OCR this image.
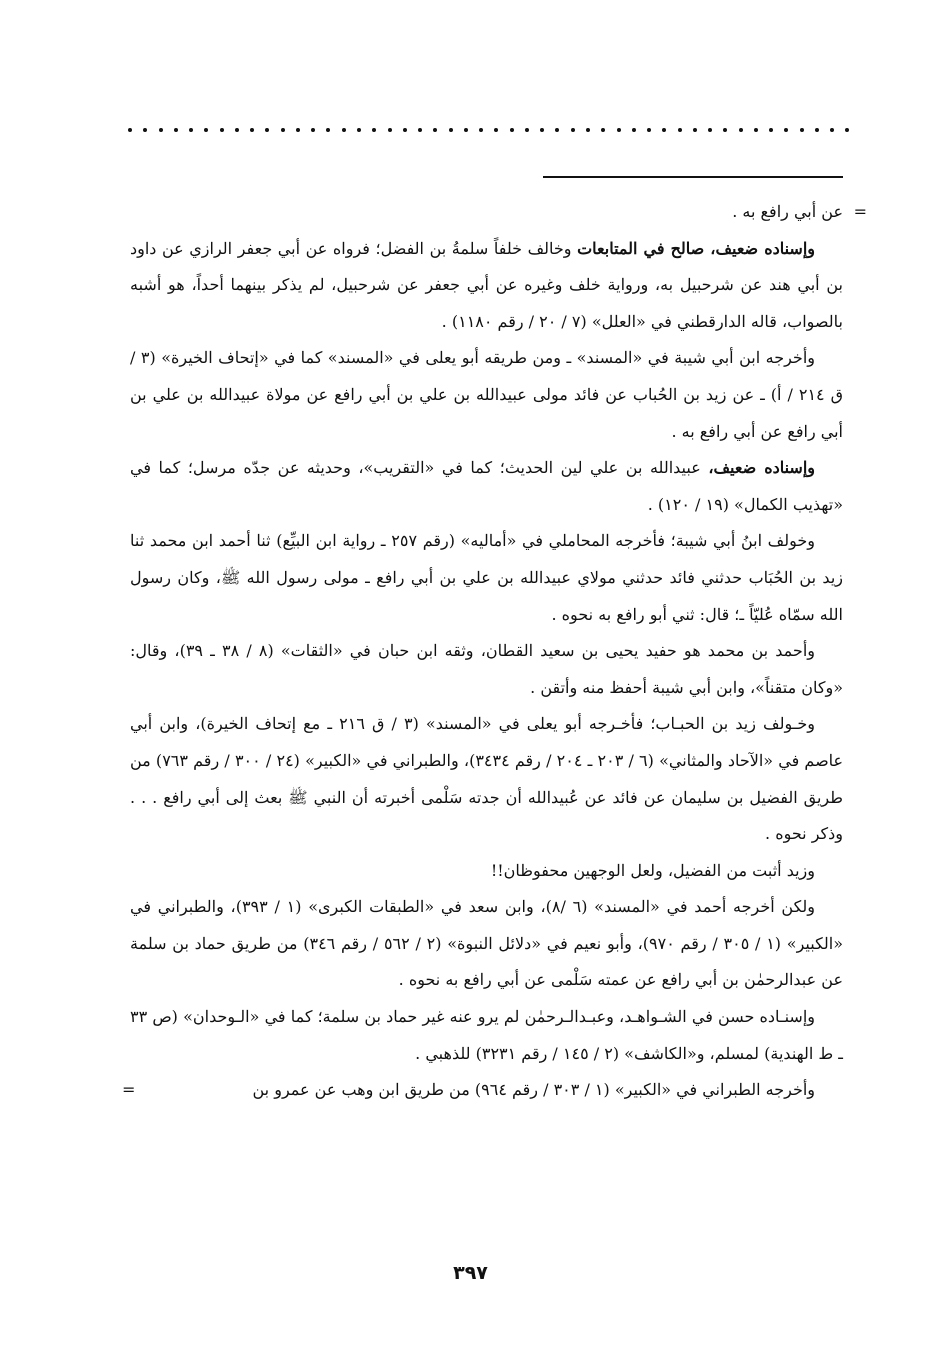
=
عن أبي رافع به .

وإسناده ضعيف، صالح في المتابعات وخالف خلفاً سلمةُ بن الفضل؛ فرواه عن أبي جعفر الرازي عن داود بن أبي هند عن شرحبيل به، ورواية خلف وغيره عن أبي جعفر عن شرحبيل، لم يذكر بينهما أحداً، هو أشبه بالصواب، قاله الدارقطني في «العلل» (٧ / ٢٠ / رقم ١١٨٠) .

وأخرجه ابن أبي شيبة في «المسند» ـ ومن طريقه أبو يعلى في «المسند» كما في «إتحاف الخيرة» (٣ / ق ٢١٤ / أ) ـ عن زيد بن الحُباب عن فائد مولى عبيدالله بن علي بن أبي رافع عن مولاة عبيدالله بن علي بن أبي رافع عن أبي رافع به .

وإسناده ضعيف، عبيدالله بن علي لين الحديث؛ كما في «التقريب»، وحديثه عن جدّه مرسل؛ كما في «تهذيب الكمال» (١٩ / ١٢٠) .

وخولف ابنُ أبي شيبة؛ فأخرجه المحاملي في «أماليه» (رقم ٢٥٧ ـ رواية ابن البيِّع) ثنا أحمد ابن محمد ثنا زيد بن الحُبَاب حدثني فائد حدثني مولاي عبيدالله بن علي بن أبي رافع ـ مولى رسول الله ﷺ، وكان رسول الله سمّاه عُليّاً ـ؛ قال: ثني أبو رافع به نحوه .

وأحمد بن محمد هو حفيد يحيى بن سعيد القطان، وثقه ابن حبان في «الثقات» (٨ / ٣٨ ـ ٣٩)، وقال: «وكان متقناً»، وابن أبي شيبة أحفظ منه وأتقن .

وخـولف زيد بن الحبـاب؛ فأخـرجه أبو يعلى في «المسند» (٣ / ق ٢١٦ ـ مع إتحاف الخيرة)، وابن أبي عاصم في «الآحاد والمثاني» (٦ / ٢٠٣ ـ ٢٠٤ / رقم ٣٤٣٤)، والطبراني في «الكبير» (٢٤ / ٣٠٠ / رقم ٧٦٣) من طريق الفضيل بن سليمان عن فائد عن عُبيدالله أن جدته سَلْمى أخبرته أن النبي ﷺ بعث إلى أبي رافع . . . وذكر نحوه .

وزيد أثبت من الفضيل، ولعل الوجهين محفوظان!!

ولكن أخرجه أحمد في «المسند» (٦ /٨)، وابن سعد في «الطبقات الكبرى» (١ / ٣٩٣)، والطبراني في «الكبير» (١ / ٣٠٥ / رقم ٩٧٠)، وأبو نعيم في «دلائل النبوة» (٢ / ٥٦٢ / رقم ٣٤٦) من طريق حماد بن سلمة عن عبدالرحمٰن بن أبي رافع عن عمته سَلْمى عن أبي رافع به نحوه .

وإسنـاده حسن في الشـواهـد، وعبـدالـرحمٰن لم يرو عنه غير حماد بن سلمة؛ كما في «الـوحدان» (ص ٣٣ ـ ط الهندية) لمسلم، و«الكاشف» (٢ / ١٤٥ / رقم ٣٢٣١) للذهبي .

وأخرجه الطبراني في «الكبير» (١ / ٣٠٣ / رقم ٩٦٤) من طريق ابن وهب عن عمرو بن
=

٣٩٧
